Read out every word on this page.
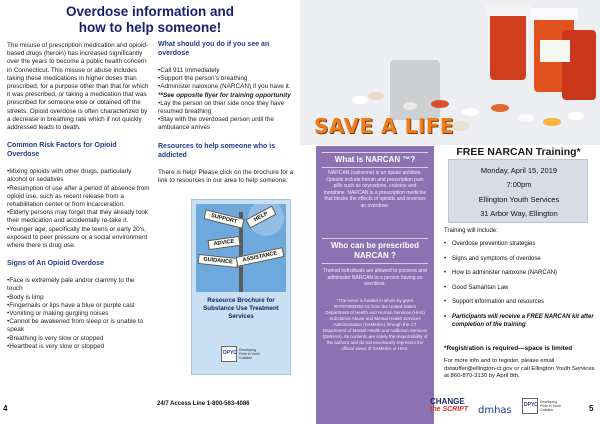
Overdose information and
how to help someone!
The misuse of prescription medication and opioid-based drugs (heroin) has increased significantly over the years to become a public health concern in Connecticut. This misuse or abuse includes taking these medications in higher doses than prescribed, for a purpose other than that for which it was prescribed, or taking a medication that was prescribed for someone else or obtained off the streets. Opioid overdose is often characterized by a decrease in breathing rate which if not quickly addressed leads to death.
Common Risk Factors for Opioid Overdose
•Mixing opioids with other drugs, particularly alcohol or sedatives
•Resumption of use after a period of absence from opioid use, such as recent release from a rehabilitation center or from incarceration.
•Elderly persons may forget that they already took their medication and accidentally re-take it.
•Younger age, specifically the teens or early 20's, exposed to peer pressure or a social environment where there is drug use.
Signs of An Opioid Overdose
•Face is extremely pale and/or clammy to the touch
•Body is limp
•Fingernails or lips have a blue or purple cast
•Vomiting or making gurgling noises
•Cannot be awakened from sleep or is unable to speak
•Breathing is very slow or stopped
•Heartbeat is very slow or stopped
What should you do if you see an overdose
•Call 911 Immediately
•Support the person's breathing
•Administer naloxone (NARCAN) if you have it. **See opposite flyer for training opportunity
•Lay the person on their side once they have resumed breathing
•Stay with the overdosed person until the ambulance arrives
Resources to help someone who is addicted
There is help! Please click on the brochure for a link to resources in our area to help someone.
SUPPORT	HELP
ADVICE
GUIDANCE	ASSISTANCE
Resource Brochure for Substance Use Treatment Services
DPYC Developing Pride in Youth Coalition
24/7 Access Line 1-800-563-4086
4
SAVE A LIFE
What is NARCAN ™?
NARCAN (naloxone) is an opiate antidote. Opioids include heroin and prescription pain pills such as oxycodone, codeine and morphine. NARCAN is a prescription medicine that blocks the effects of opioids and reverses an overdose.
Who can be prescribed NARCAN ?
Trained individuals are allowed to possess and administer NARCAN to a person having an overdose.
*The event is funded in whole by grant #H79TI080302-01 from the United States Department of Health and Human Services (HHS) Substance Abuse and Mental Health Services Administration (SAMHSA) through the CT Department of Mental Health and Addiction Services (DMHAS). Its contents are solely the responsibility of the authors and do not necessarily represent the official views of SAMHSA or HHS.
FREE NARCAN Training*
Monday, April 15, 2019
7:00pm
Ellington Youth Services
31 Arbor Way, Ellington
Training will include:
• Overdose prevention strategies
• Signs and symptoms of overdose
• How to administer naloxone (NARCAN)
• Good Samaritan Law
• Support information and resources
• Participants will receive a FREE NARCAN kit after completion of the training
*Registration is required—space is limited
For more info and to register, please email dstauffer@ellington-ct.gov or call Ellington Youth Services at 860-870-3130 by April 8th.
CHANGE
the SCRIPT dmhas DPYC Developing Pride in Youth Coalition	5
